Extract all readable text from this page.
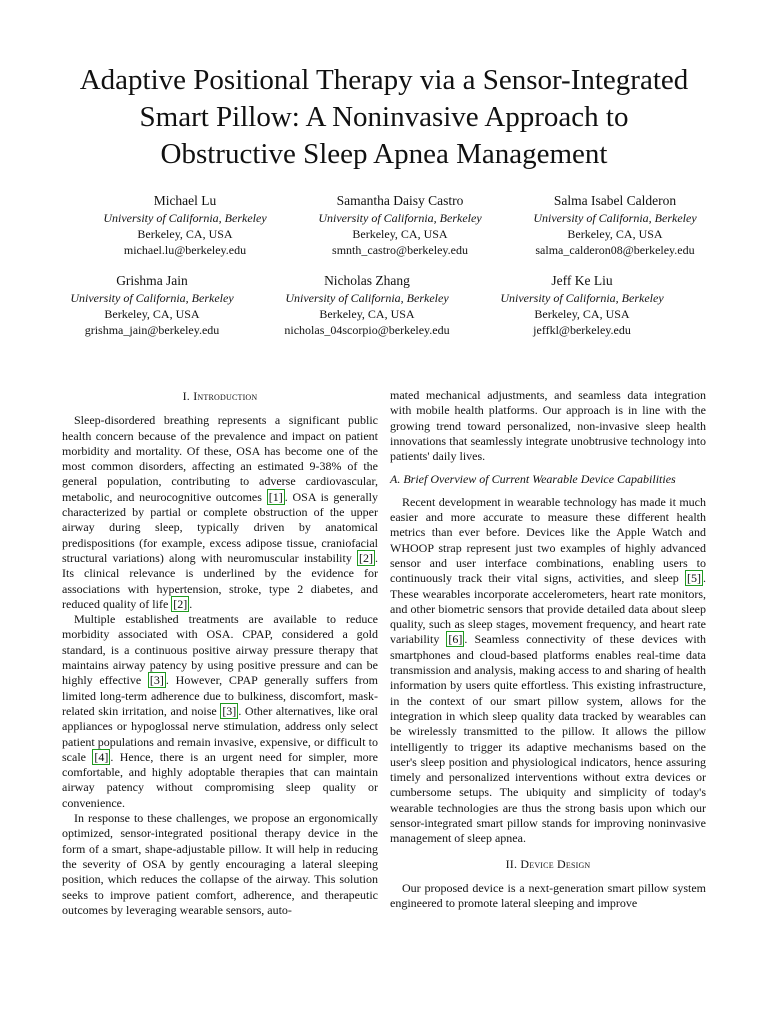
Adaptive Positional Therapy via a Sensor-Integrated
Smart Pillow: A Noninvasive Approach to
Obstructive Sleep Apnea Management
Michael Lu
University of California, Berkeley
Berkeley, CA, USA
michael.lu@berkeley.edu
Samantha Daisy Castro
University of California, Berkeley
Berkeley, CA, USA
smnth_castro@berkeley.edu
Salma Isabel Calderon
University of California, Berkeley
Berkeley, CA, USA
salma_calderon08@berkeley.edu
Grishma Jain
University of California, Berkeley
Berkeley, CA, USA
grishma_jain@berkeley.edu
Nicholas Zhang
University of California, Berkeley
Berkeley, CA, USA
nicholas_04scorpio@berkeley.edu
Jeff Ke Liu
University of California, Berkeley
Berkeley, CA, USA
jeffkl@berkeley.edu
I. Introduction

Sleep-disordered breathing represents a significant public health concern because of the prevalence and impact on patient morbidity and mortality. Of these, OSA has become one of the most common disorders, affecting an estimated 9-38% of the general population, contributing to adverse cardiovascular, metabolic, and neurocognitive outcomes [1] . OSA is generally characterized by partial or complete obstruction of the upper airway during sleep, typically driven by anatomical predispositions (for example, excess adipose tissue, craniofacial structural variations) along with neuromuscular instability [2] . Its clinical relevance is underlined by the evidence for associations with hypertension, stroke, type 2 diabetes, and reduced quality of life [2] .

Multiple established treatments are available to reduce morbidity associated with OSA. CPAP, considered a gold standard, is a continuous positive airway pressure therapy that maintains airway patency by using positive pressure and can be highly effective [3] . However, CPAP generally suffers from limited long-term adherence due to bulkiness, discomfort, mask-related skin irritation, and noise [3] . Other alternatives, like oral appliances or hypoglossal nerve stimulation, address only select patient populations and remain invasive, expensive, or difficult to scale [4] . Hence, there is an urgent need for simpler, more comfortable, and highly adoptable therapies that can maintain airway patency without compromising sleep quality or convenience.

In response to these challenges, we propose an ergonomically optimized, sensor-integrated positional therapy device in the form of a smart, shape-adjustable pillow. It will help in reducing the severity of OSA by gently encouraging a lateral sleeping position, which reduces the collapse of the airway. This solution seeks to improve patient comfort, adherence, and therapeutic outcomes by leveraging wearable sensors, auto-

mated mechanical adjustments, and seamless data integration with mobile health platforms. Our approach is in line with the growing trend toward personalized, non-invasive sleep health innovations that seamlessly integrate unobtrusive technology into patients' daily lives.

A. Brief Overview of Current Wearable Device Capabilities

Recent development in wearable technology has made it much easier and more accurate to measure these different health metrics than ever before. Devices like the Apple Watch and WHOOP strap represent just two examples of highly advanced sensor and user interface combinations, enabling users to continuously track their vital signs, activities, and sleep [5] . These wearables incorporate accelerometers, heart rate monitors, and other biometric sensors that provide detailed data about sleep quality, such as sleep stages, movement frequency, and heart rate variability [6] . Seamless connectivity of these devices with smartphones and cloud-based platforms enables real-time data transmission and analysis, making access to and sharing of health information by users quite effortless. This existing infrastructure, in the context of our smart pillow system, allows for the integration in which sleep quality data tracked by wearables can be wirelessly transmitted to the pillow. It allows the pillow intelligently to trigger its adaptive mechanisms based on the user's sleep position and physiological indicators, hence assuring timely and personalized interventions without extra devices or cumbersome setups. The ubiquity and simplicity of today's wearable technologies are thus the strong basis upon which our sensor-integrated smart pillow stands for improving noninvasive management of sleep apnea.

II. Device Design

Our proposed device is a next-generation smart pillow system engineered to promote lateral sleeping and improve
